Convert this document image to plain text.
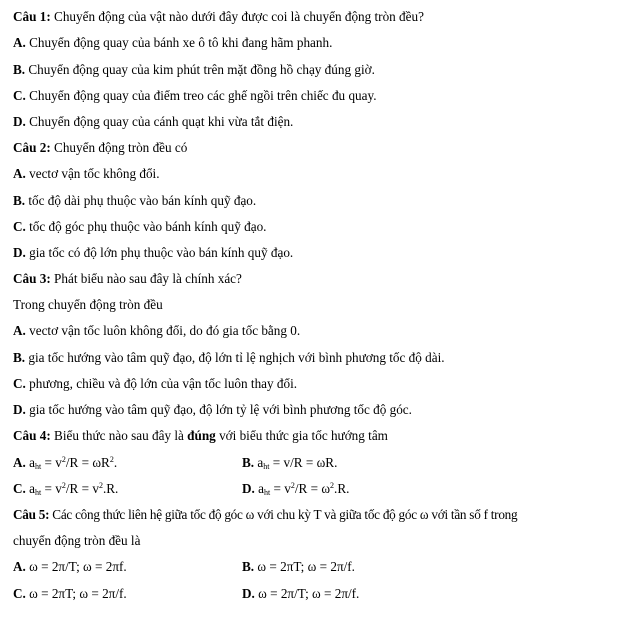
Câu 1: Chuyển động của vật nào dưới đây được coi là chuyển động tròn đều?
A. Chuyển động quay của bánh xe ô tô khi đang hãm phanh.
B. Chuyển động quay của kim phút trên mặt đồng hồ chạy đúng giờ.
C. Chuyển động quay của điểm treo các ghế ngồi trên chiếc đu quay.
D. Chuyển động quay của cánh quạt khi vừa tắt điện.
Câu 2: Chuyển động tròn đều có
A. vectơ vận tốc không đổi.
B. tốc độ dài phụ thuộc vào bán kính quỹ đạo.
C. tốc độ góc phụ thuộc vào bánh kính quỹ đạo.
D. gia tốc có độ lớn phụ thuộc vào bán kính quỹ đạo.
Câu 3: Phát biểu nào sau đây là chính xác?
Trong chuyển động tròn đều
A. vectơ vận tốc luôn không đổi, do đó gia tốc bằng 0.
B. gia tốc hướng vào tâm quỹ đạo, độ lớn tỉ lệ nghịch với bình phương tốc độ dài.
C. phương, chiều và độ lớn của vận tốc luôn thay đổi.
D. gia tốc hướng vào tâm quỹ đạo, độ lớn tỷ lệ với bình phương tốc độ góc.
Câu 4: Biểu thức nào sau đây là đúng với biểu thức gia tốc hướng tâm
A. $a_{ht} = v^2/R = \omega R^2$.	B. $a_{ht} = v/R = \omega R$.
C. $a_{ht} = v^2/R = v^2.R$.	D. $a_{ht} = v^2/R = \omega^2.R$.
Câu 5: Các công thức liên hệ giữa tốc độ góc ω với chu kỳ T và giữa tốc độ góc ω với tần số f trong
chuyển động tròn đều là
A. ω = 2π/T; ω = 2πf.	B. ω = 2πT; ω = 2π/f.
C. ω = 2πT; ω = 2π/f.	D. ω = 2π/T; ω = 2π/f.
